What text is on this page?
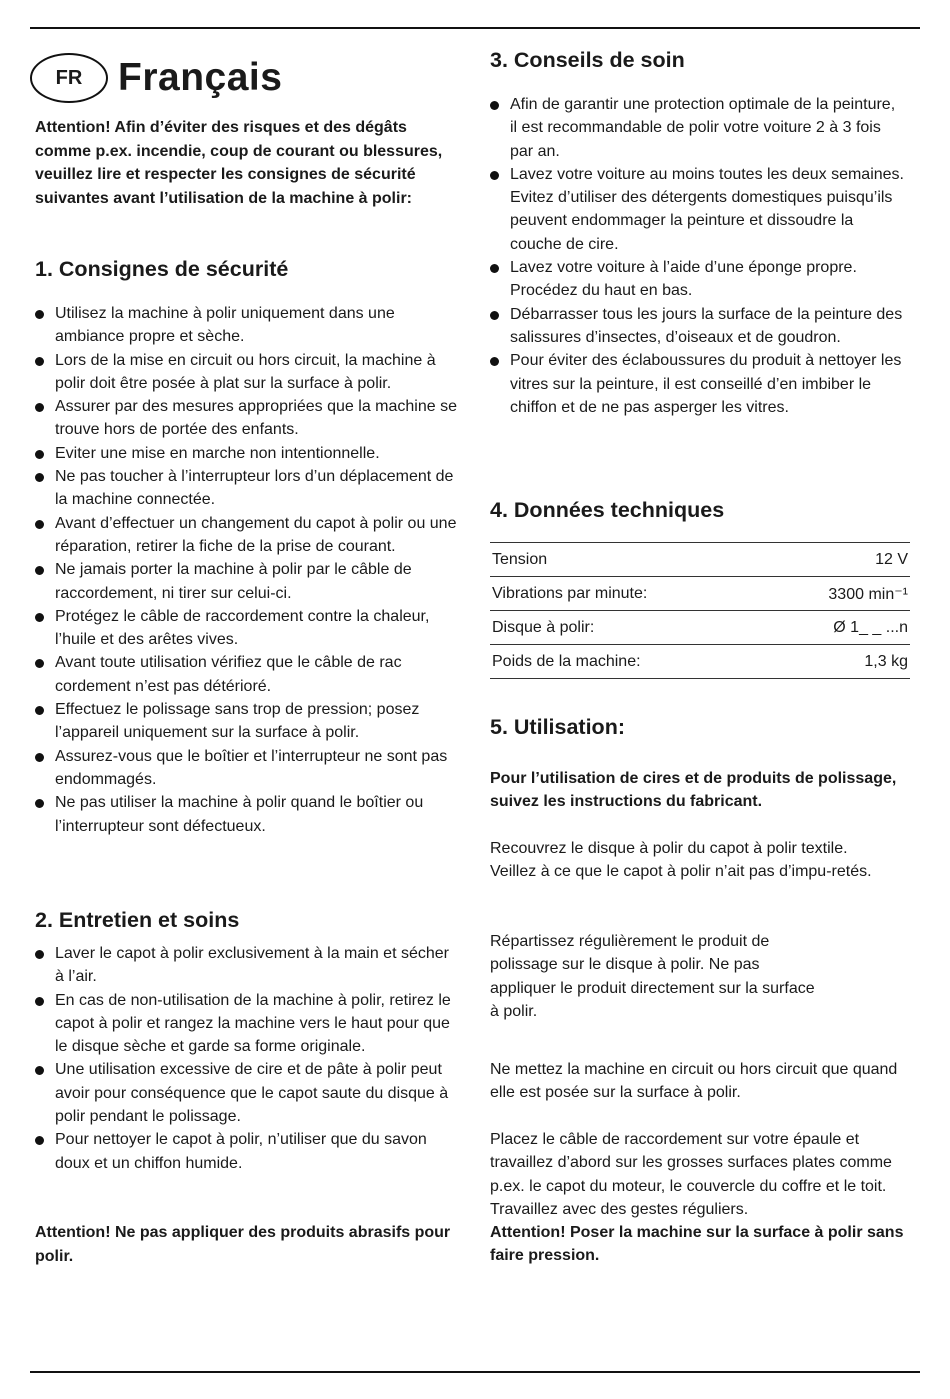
FR Français
Attention! Afin d’éviter des risques et des dégâts comme p.ex. incendie, coup de courant ou blessures, veuillez lire et respecter les consignes de sécurité suivantes avant l’utilisation de la machine à polir:
1. Consignes de sécurité
Utilisez la machine à polir uniquement dans une ambiance propre et sèche.
Lors de la mise en circuit ou hors circuit, la machine à polir doit être posée à plat sur la surface à polir.
Assurer par des mesures appropriées que la machine se trouve hors de portée des enfants.
Eviter une mise en marche non intentionnelle.
Ne pas toucher à l’interrupteur lors d’un déplacement de la machine connectée.
Avant d’effectuer un changement du capot à polir ou une réparation, retirer la fiche de la prise de courant.
Ne jamais porter la machine à polir par le câble de raccordement, ni tirer sur celui-ci.
Protégez le câble de raccordement contre la chaleur, l’huile et des arêtes vives.
Avant toute utilisation vérifiez que le câble de rac cordement n’est pas détérioré.
Effectuez le polissage sans trop de pression; posez l’appareil uniquement sur la surface à polir.
Assurez-vous que le boîtier et l’interrupteur ne sont pas endommagés.
Ne pas utiliser la machine à polir quand le boîtier ou l’interrupteur sont défectueux.
2. Entretien et soins
Laver le capot à polir exclusivement à la main et sécher à l’air.
En cas de non-utilisation de la machine à polir, retirez le capot à polir et rangez la machine vers le haut pour que le disque sèche et garde sa forme originale.
Une utilisation excessive de cire et de pâte à polir peut avoir pour conséquence que le capot saute du disque à polir pendant le polissage.
Pour nettoyer le capot à polir, n’utiliser que du savon doux et un chiffon humide.
Attention! Ne pas appliquer des produits abrasifs pour polir.
3. Conseils de soin
Afin de garantir une protection optimale de la peinture, il est recommandable de polir votre voiture 2 à 3 fois par an.
Lavez votre voiture au moins toutes les deux semaines. Evitez d’utiliser des détergents domestiques puisqu’ils peuvent endommager la peinture et dissoudre la couche de cire.
Lavez votre voiture à l’aide d’une éponge propre. Procédez du haut en bas.
Débarrasser tous les jours la surface de la peinture des salissures d’insectes, d’oiseaux et de goudron.
Pour éviter des éclaboussures du produit à nettoyer les vitres sur la peinture, il est conseillé d’en imbiber le chiffon et de ne pas asperger les vitres.
4. Données techniques
Tension	12 V
Vibrations par minute:	3300 min⁻¹
Disque à polir:	Ø 1_ _ ...n
Poids de la machine:	1,3 kg
5. Utilisation:
Pour l’utilisation de cires et de produits de polissage, suivez les instructions du fabricant.
Recouvrez le disque à polir du capot à polir textile. Veillez à ce que le capot à polir n’ait pas d’impu-retés.
Répartissez régulièrement le produit de polissage sur le disque à polir. Ne pas appliquer le produit directement sur la surface à polir.
Ne mettez la machine en circuit ou hors circuit que quand elle est posée sur la surface à polir.
Placez le câble de raccordement sur votre épaule et travaillez d’abord sur les grosses surfaces plates comme p.ex. le capot du moteur, le couvercle du coffre et le toit. Travaillez avec des gestes réguliers.
Attention! Poser la machine sur la surface à polir sans faire pression.
